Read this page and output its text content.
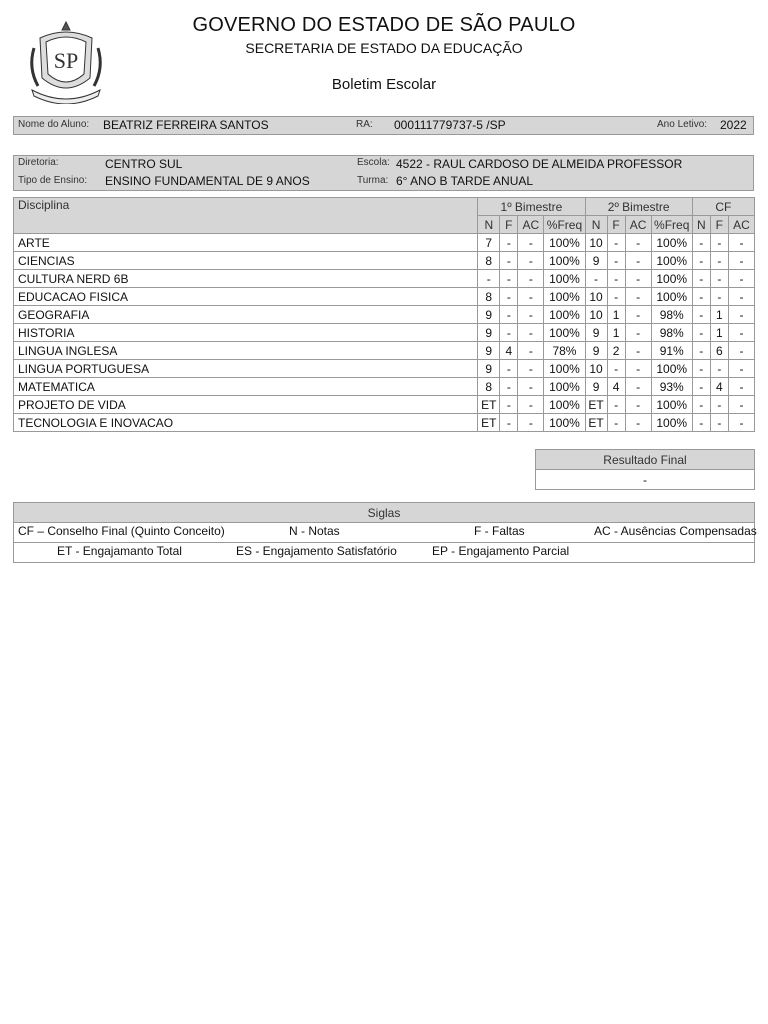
SP
GOVERNO DO ESTADO DE SÃO PAULO
SECRETARIA DE ESTADO DA EDUCAÇÃO
Boletim Escolar
Nome do Aluno: BEATRIZ FERREIRA SANTOS	RA: 000111779737-5 /SP	Ano Letivo: 2022
Diretoria:	CENTRO SUL	Escola: 4522 - RAUL CARDOSO DE ALMEIDA PROFESSOR
Tipo de Ensino: ENSINO FUNDAMENTAL DE 9 ANOS	Turma: 6° ANO B TARDE ANUAL
Disciplina	1º Bimestre				2º Bimestre				CF		
	N	F	AC	%Freq	N	F	AC	%Freq	N	F	AC
ARTE	7	-	-	100%	10	-	-	100%	-	-	-
CIENCIAS	8	-	-	100%	9	-	-	100%	-	-	-
CULTURA NERD 6B	-	-	-	100%	-	-	-	100%	-	-	-
EDUCACAO FISICA	8	-	-	100%	10	-	-	100%	-	-	-
GEOGRAFIA	9	-	-	100%	10	1	-	98%	-	1	-
HISTORIA	9	-	-	100%	9	1	-	98%	-	1	-
LINGUA INGLESA	9	4	-	78%	9	2	-	91%	-	6	-
LINGUA PORTUGUESA	9	-	-	100%	10	-	-	100%	-	-	-
MATEMATICA	8	-	-	100%	9	4	-	93%	-	4	-
PROJETO DE VIDA	ET	-	-	100%	ET	-	-	100%	-	-	-
TECNOLOGIA E INOVACAO	ET	-	-	100%	ET	-	-	100%	-	-	-
Resultado Final
-
Siglas

CF – Conselho Final (Quinto Conceito)	N - Notas	F - Faltas	AC - Ausências Compensadas

ET - Engajamanto Total	ES - Engajamento Satisfatório	EP - Engajamento Parcial
